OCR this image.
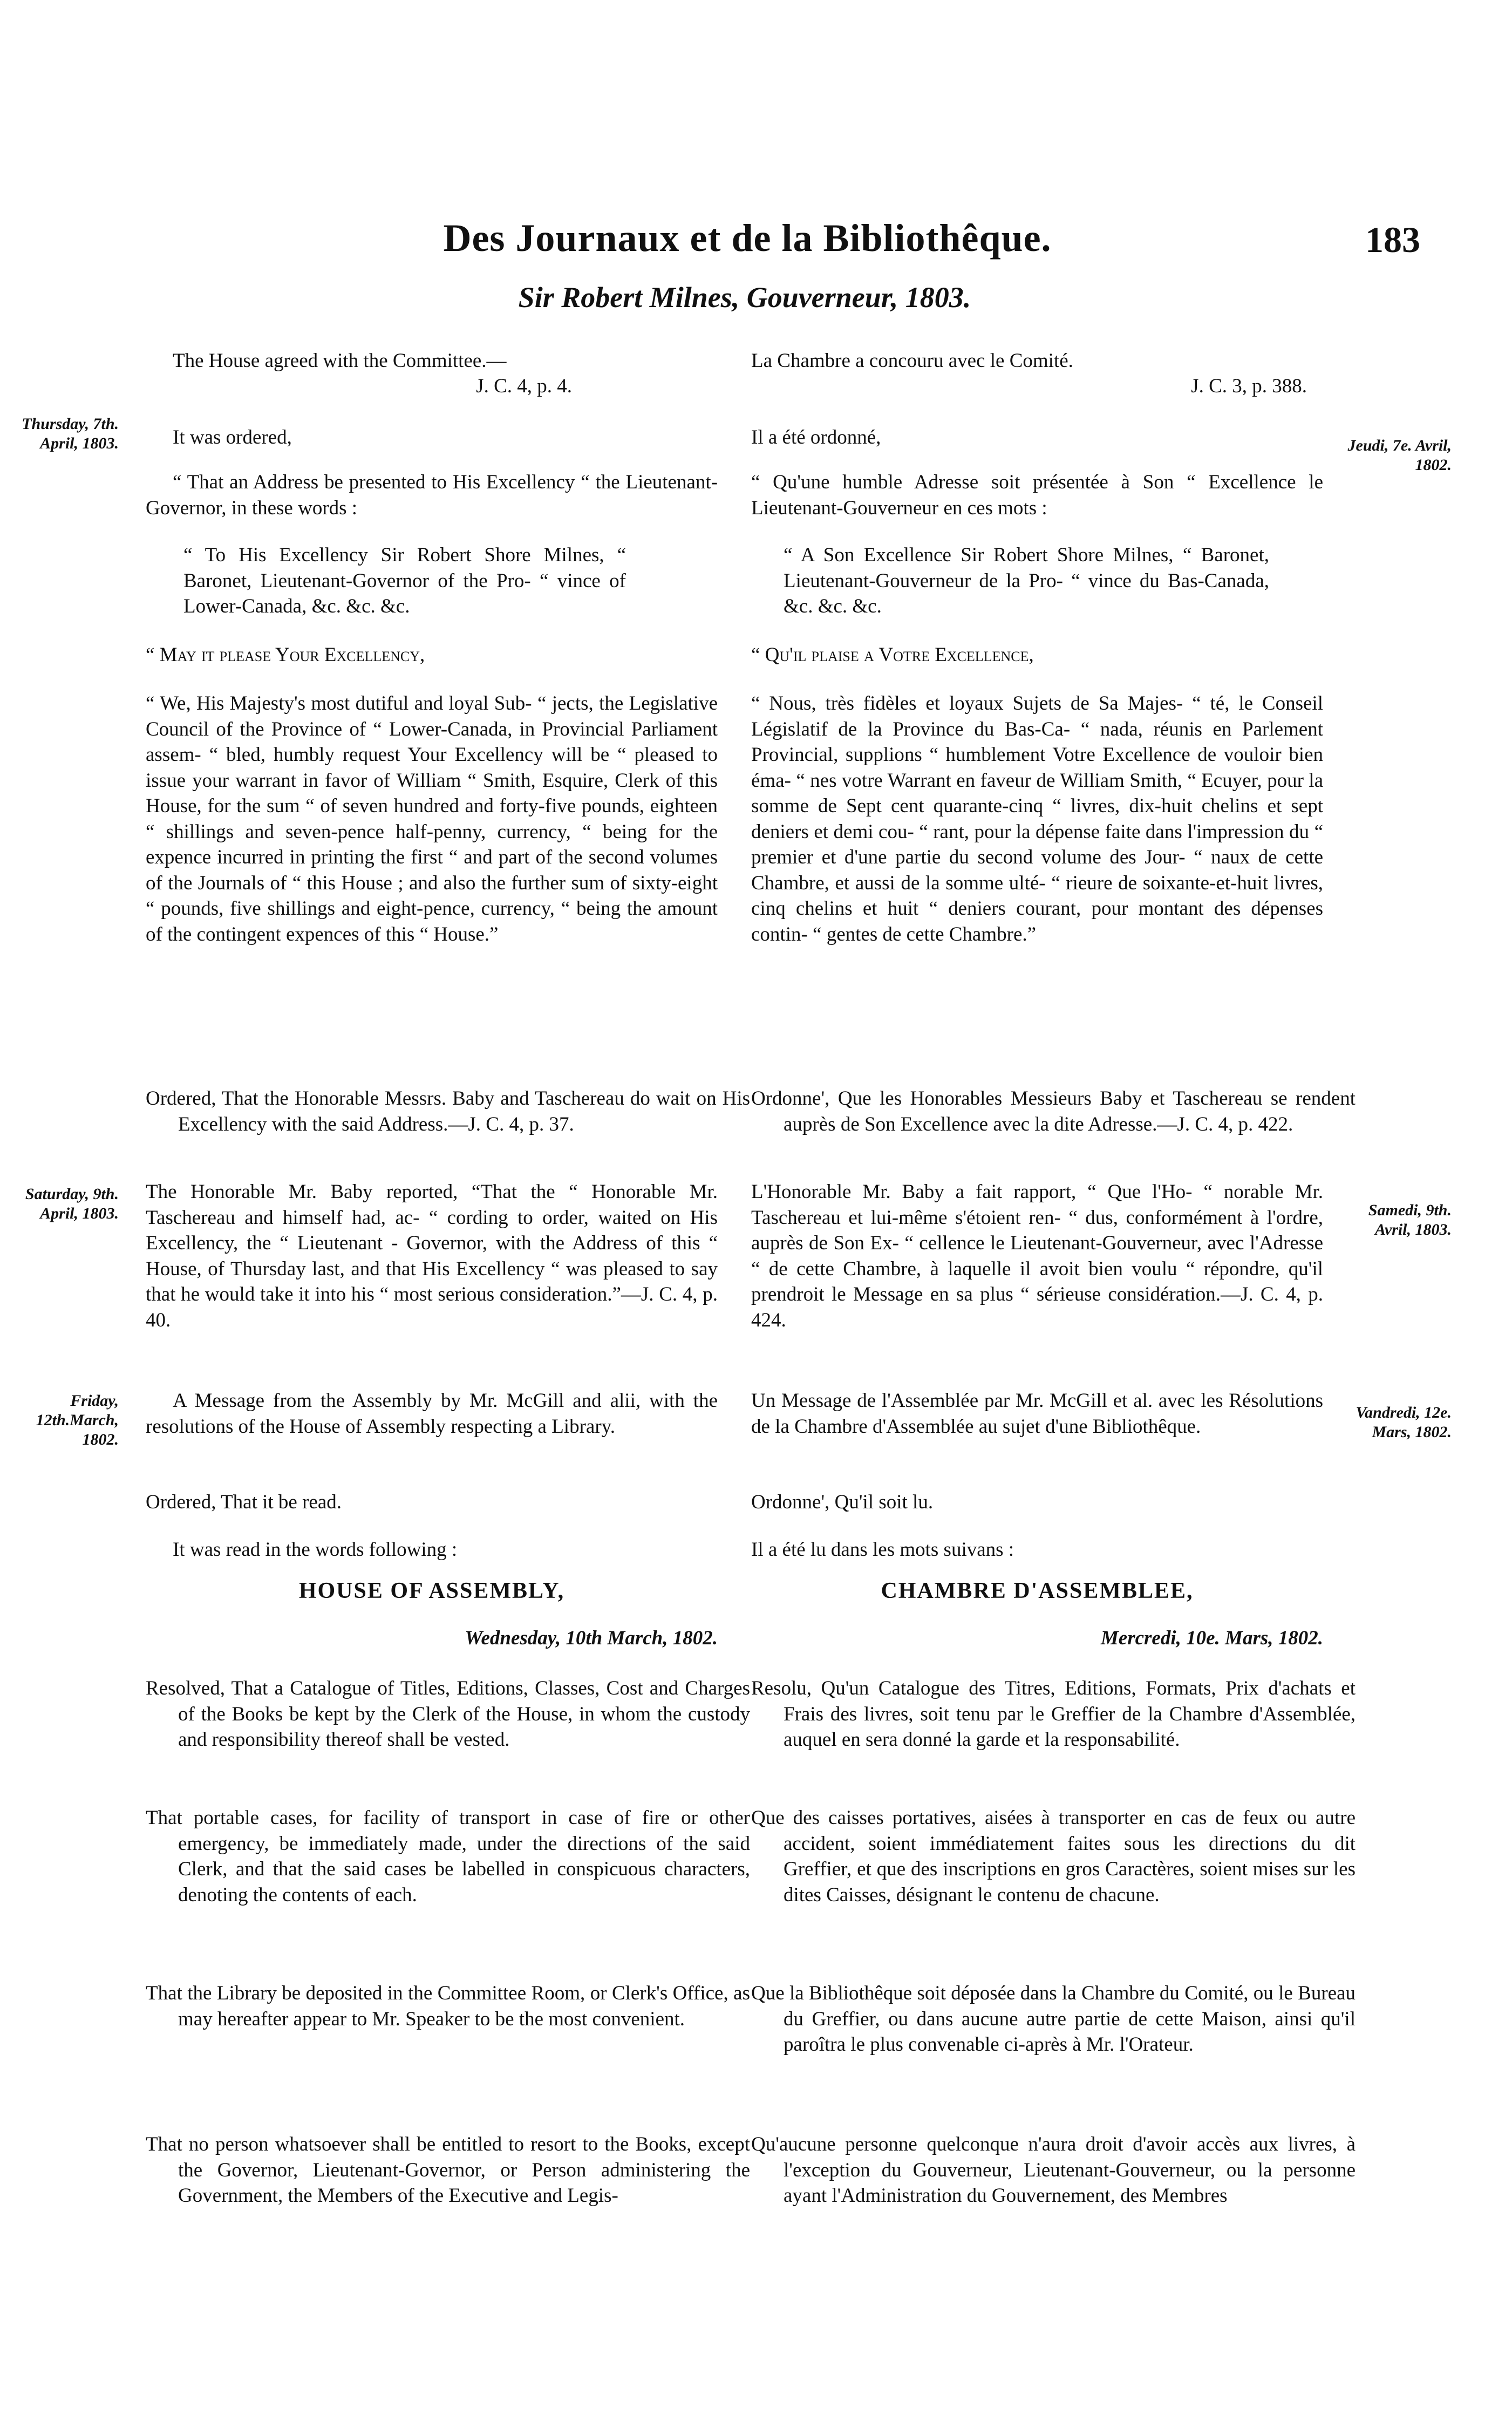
Des Journaux et de la Bibliothêque.	183
Sir Robert Milnes, Gouverneur, 1803.
Thursday, 7th. April, 1803.	Jeudi, 7e. Avril, 1802.
Saturday, 9th. April, 1803.	Samedi, 9th. Avril, 1803.
Friday, 12th.March, 1802.
Vandredi, 12e. Mars, 1802.
The House agreed with the Committee.—
J. C. 4, p. 4.
It was ordered,
“ That an Address be presented to His Excellency “ the Lieutenant-Governor, in these words :
“ To His Excellency Sir Robert Shore Milnes, “ Baronet, Lieutenant-Governor of the Pro- “ vince of Lower-Canada, &c. &c. &c.
“ May it please Your Excellency,
“ We, His Majesty's most dutiful and loyal Sub- “ jects, the Legislative Council of the Province of “ Lower-Canada, in Provincial Parliament assem- “ bled, humbly request Your Excellency will be “ pleased to issue your warrant in favor of William “ Smith, Esquire, Clerk of this House, for the sum “ of seven hundred and forty-five pounds, eighteen “ shillings and seven-pence half-penny, currency, “ being for the expence incurred in printing the first “ and part of the second volumes of the Journals of “ this House ; and also the further sum of sixty-eight “ pounds, five shillings and eight-pence, currency, “ being the amount of the contingent expences of this “ House.”
Ordered, That the Honorable Messrs. Baby and Taschereau do wait on His Excellency with the said Address.—J. C. 4, p. 37.
The Honorable Mr. Baby reported, “That the “ Honorable Mr. Taschereau and himself had, ac- “ cording to order, waited on His Excellency, the “ Lieutenant - Governor, with the Address of this “ House, of Thursday last, and that His Excellency “ was pleased to say that he would take it into his “ most serious consideration.”—J. C. 4, p. 40.
A Message from the Assembly by Mr. McGill and alii, with the resolutions of the House of Assembly respecting a Library.
Ordered, That it be read.
It was read in the words following :
HOUSE OF ASSEMBLY,
Wednesday, 10th March, 1802.
Resolved, That a Catalogue of Titles, Editions, Classes, Cost and Charges of the Books be kept by the Clerk of the House, in whom the custody and responsibility thereof shall be vested.
That portable cases, for facility of transport in case of fire or other emergency, be immediately made, under the directions of the said Clerk, and that the said cases be labelled in conspicuous characters, denoting the contents of each.
That the Library be deposited in the Committee Room, or Clerk's Office, as may hereafter appear to Mr. Speaker to be the most convenient.
That no person whatsoever shall be entitled to resort to the Books, except the Governor, Lieutenant-Governor, or Person administering the Government, the Members of the Executive and Legis-
La Chambre a concouru avec le Comité.
J. C. 3, p. 388.
Il a été ordonné,
“ Qu'une humble Adresse soit présentée à Son “ Excellence le Lieutenant-Gouverneur en ces mots :
“ A Son Excellence Sir Robert Shore Milnes, “ Baronet, Lieutenant-Gouverneur de la Pro- “ vince du Bas-Canada, &c. &c. &c.
“ Qu'il plaise a Votre Excellence,
“ Nous, très fidèles et loyaux Sujets de Sa Majes- “ té, le Conseil Législatif de la Province du Bas-Ca- “ nada, réunis en Parlement Provincial, supplions “ humblement Votre Excellence de vouloir bien éma- “ nes votre Warrant en faveur de William Smith, “ Ecuyer, pour la somme de Sept cent quarante-cinq “ livres, dix-huit chelins et sept deniers et demi cou- “ rant, pour la dépense faite dans l'impression du “ premier et d'une partie du second volume des Jour- “ naux de cette Chambre, et aussi de la somme ulté- “ rieure de soixante-et-huit livres, cinq chelins et huit “ deniers courant, pour montant des dépenses contin- “ gentes de cette Chambre.”
Ordonne', Que les Honorables Messieurs Baby et Taschereau se rendent auprès de Son Excellence avec la dite Adresse.—J. C. 4, p. 422.
L'Honorable Mr. Baby a fait rapport, “ Que l'Ho- “ norable Mr. Taschereau et lui-même s'étoient ren- “ dus, conformément à l'ordre, auprès de Son Ex- “ cellence le Lieutenant-Gouverneur, avec l'Adresse “ de cette Chambre, à laquelle il avoit bien voulu “ répondre, qu'il prendroit le Message en sa plus “ sérieuse considération.—J. C. 4, p. 424.
Un Message de l'Assemblée par Mr. McGill et al. avec les Résolutions de la Chambre d'Assemblée au sujet d'une Bibliothêque.
Ordonne', Qu'il soit lu.
Il a été lu dans les mots suivans :
CHAMBRE D'ASSEMBLEE,
Mercredi, 10e. Mars, 1802.
Resolu, Qu'un Catalogue des Titres, Editions, Formats, Prix d'achats et Frais des livres, soit tenu par le Greffier de la Chambre d'Assemblée, auquel en sera donné la garde et la responsabilité.
Que des caisses portatives, aisées à transporter en cas de feux ou autre accident, soient immédiatement faites sous les directions du dit Greffier, et que des inscriptions en gros Caractères, soient mises sur les dites Caisses, désignant le contenu de chacune.
Que la Bibliothêque soit déposée dans la Chambre du Comité, ou le Bureau du Greffier, ou dans aucune autre partie de cette Maison, ainsi qu'il paroîtra le plus convenable ci-après à Mr. l'Orateur.
Qu'aucune personne quelconque n'aura droit d'avoir accès aux livres, à l'exception du Gouverneur, Lieutenant-Gouverneur, ou la personne ayant l'Administration du Gouvernement, des Membres
